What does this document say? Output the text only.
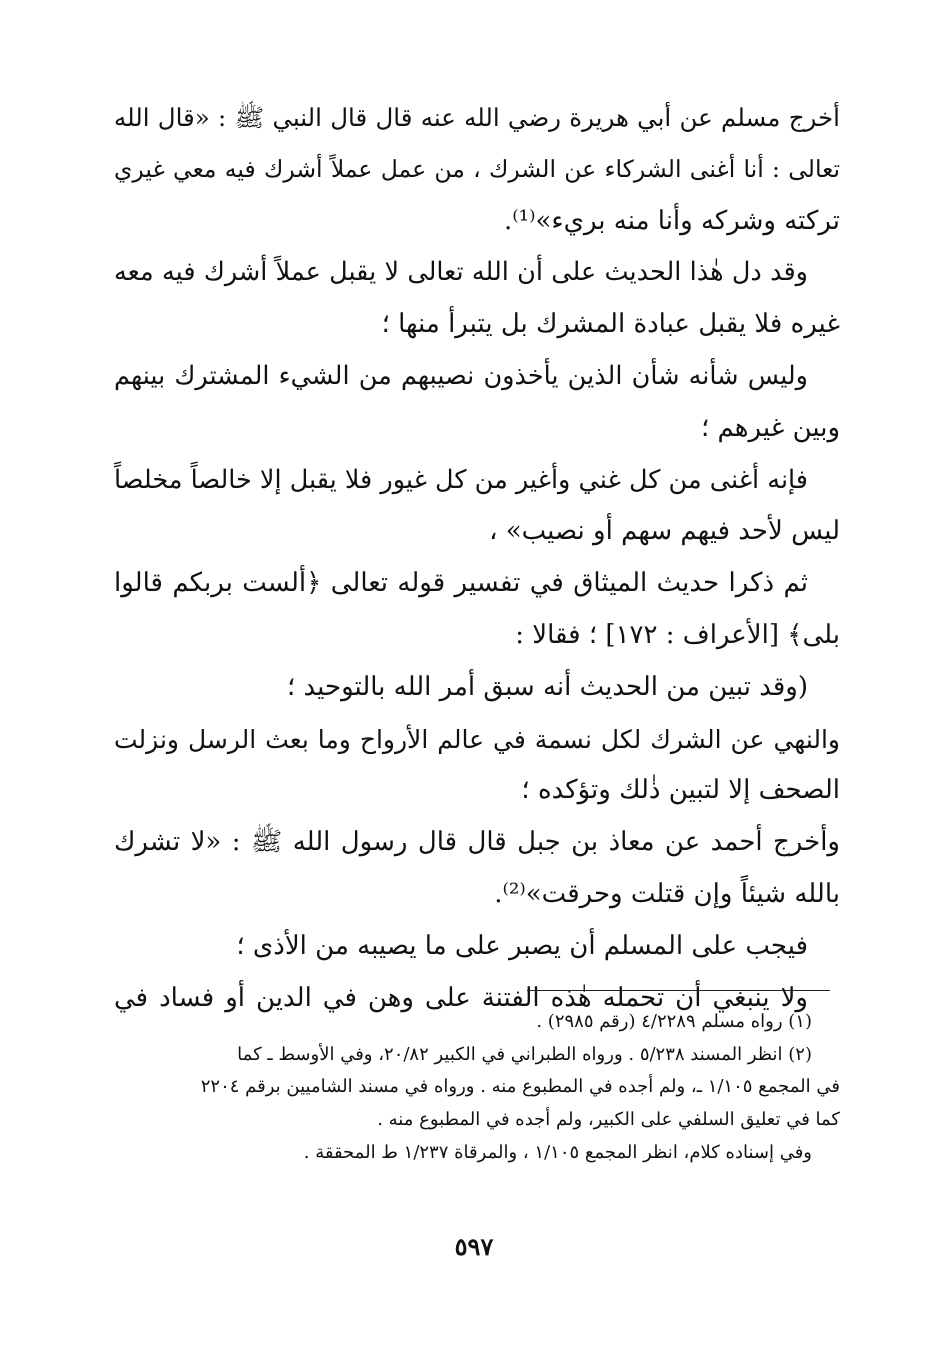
أخرج مسلم عن أبي هريرة رضي الله عنه قال قال النبي ﷺ : «قال الله
تعالى : أنا أغنى الشركاء عن الشرك ، من عمل عملاً أشرك فيه معي غيري
تركته وشركه وأنا منه بريء»⁽¹⁾.
وقد دل هٰذا الحديث على أن الله تعالى لا يقبل عملاً أشرك فيه معه
غيره فلا يقبل عبادة المشرك بل يتبرأ منها ؛
وليس شأنه شأن الذين يأخذون نصيبهم من الشيء المشترك بينهم
وبين غيرهم ؛
فإنه أغنى من كل غني وأغير من كل غيور فلا يقبل إلا خالصاً مخلصاً
ليس لأحد فيهم سهم أو نصيب» ،
ثم ذكرا حديث الميثاق في تفسير قوله تعالى ﴿ألست بربكم قالوا
بلى﴾ [الأعراف : ١٧٢] ؛ فقالا :
(وقد تبين من الحديث أنه سبق أمر الله بالتوحيد ؛
والنهي عن الشرك لكل نسمة في عالم الأرواح وما بعث الرسل ونزلت
الصحف إلا لتبين ذٰلك وتؤكده ؛
وأخرج أحمد عن معاذ بن جبل قال قال رسول الله ﷺ : «لا تشرك
بالله شيئاً وإن قتلت وحرقت»⁽²⁾.
فيجب على المسلم أن يصبر على ما يصيبه من الأذى ؛
ولا ينبغي أن تحمله هٰذه الفتنة على وهن في الدين أو فساد في
(١) رواه مسلم ٤/٢٢٨٩ (رقم ٢٩٨٥) .
(٢) انظر المسند ٥/٢٣٨ . ورواه الطبراني في الكبير ٢٠/٨٢، وفي الأوسط ـ كما
في المجمع ١/١٠٥ ـ، ولم أجده في المطبوع منه . ورواه في مسند الشاميين برقم ٢٢٠٤
كما في تعليق السلفي على الكبير، ولم أجده في المطبوع منه .
وفي إسناده كلام، انظر المجمع ١/١٠٥ ، والمرقاة ١/٢٣٧ ط المحققة .
٥٩٧
